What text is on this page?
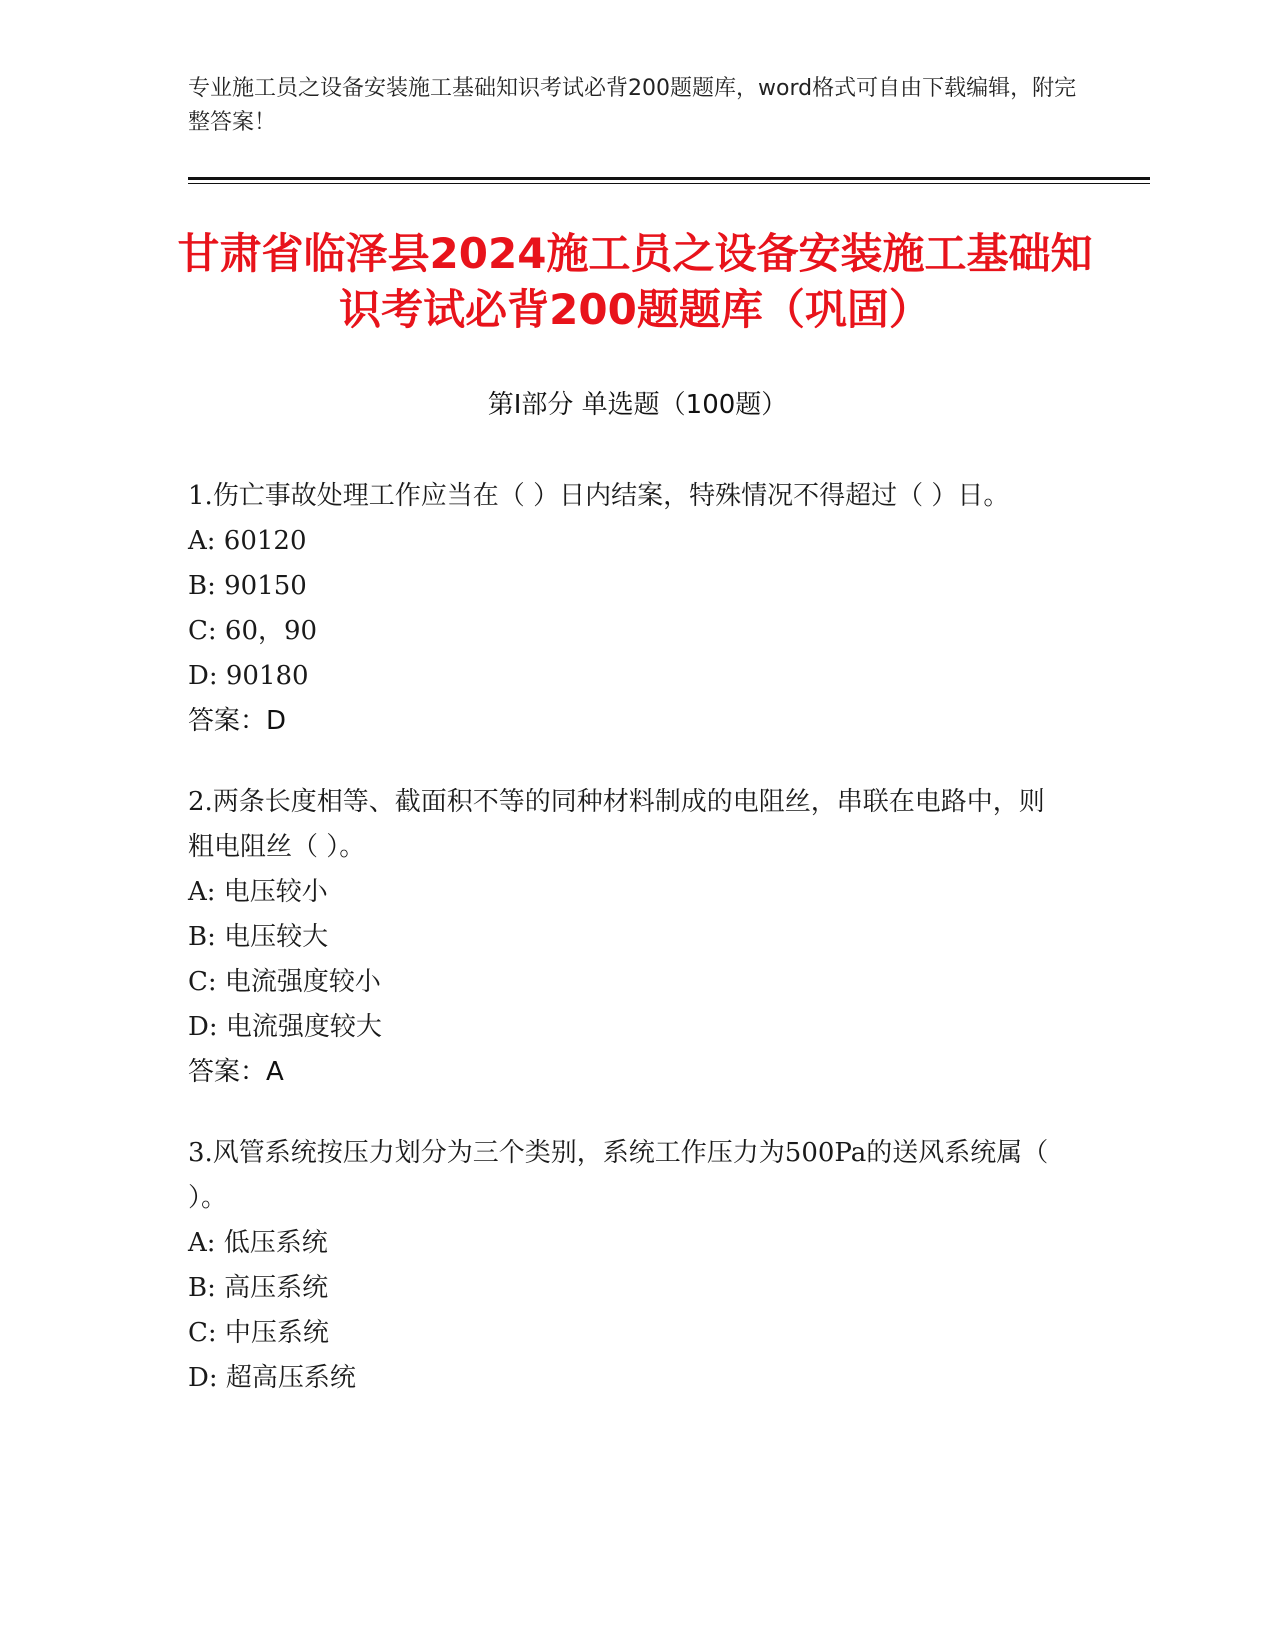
专业施工员之设备安装施工基础知识考试必背200题题库，word格式可自由下载编辑，附完整答案！
甘肃省临泽县2024施工员之设备安装施工基础知识考试必背200题题库（巩固）
第I部分 单选题（100题）
1.伤亡事故处理工作应当在（ ）日内结案，特殊情况不得超过（ ）日。
A: 60120
B: 90150
C: 60，90
D: 90180
答案：D
2.两条长度相等、截面积不等的同种材料制成的电阻丝，串联在电路中，则粗电阻丝（ ）。
A: 电压较小
B: 电压较大
C: 电流强度较小
D: 电流强度较大
答案：A
3.风管系统按压力划分为三个类别，系统工作压力为500Pa的送风系统属（ ）。
A: 低压系统
B: 高压系统
C: 中压系统
D: 超高压系统
